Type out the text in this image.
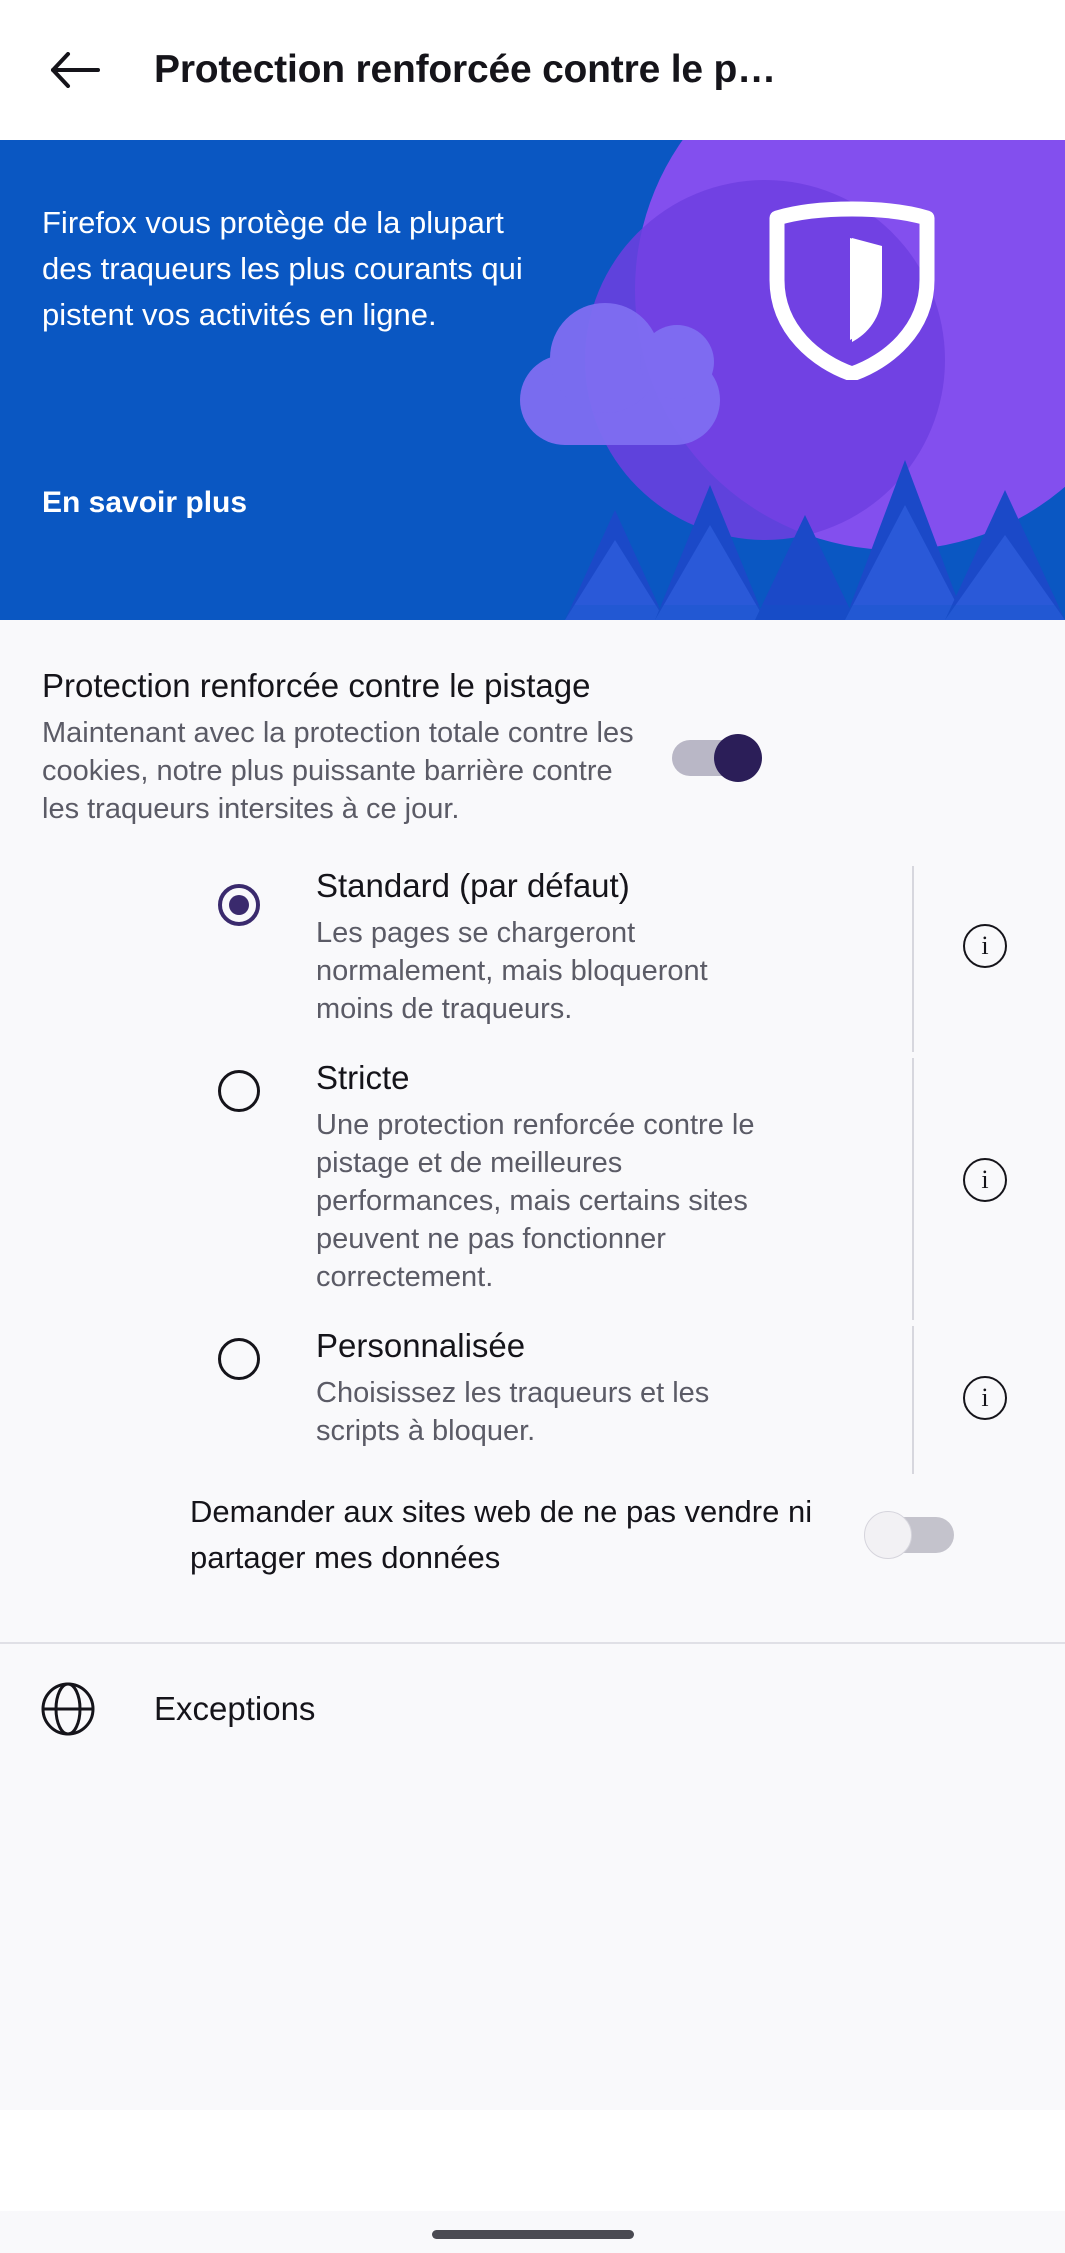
Protection renforcée contre le p…
Firefox vous protège de la plupart des traqueurs les plus courants qui pistent vos activités en ligne.
En savoir plus
Protection renforcée contre le pistage
Maintenant avec la protection totale contre les cookies, notre plus puissante barrière contre les traqueurs intersites à ce jour.
Standard (par défaut)
Les pages se chargeront normalement, mais bloqueront moins de traqueurs.
i
Stricte
Une protection renforcée contre le pistage et de meilleures performances, mais certains sites peuvent ne pas fonctionner correctement.
i
Personnalisée
Choisissez les traqueurs et les scripts à bloquer.
i
Demander aux sites web de ne pas vendre ni partager mes données
Exceptions
